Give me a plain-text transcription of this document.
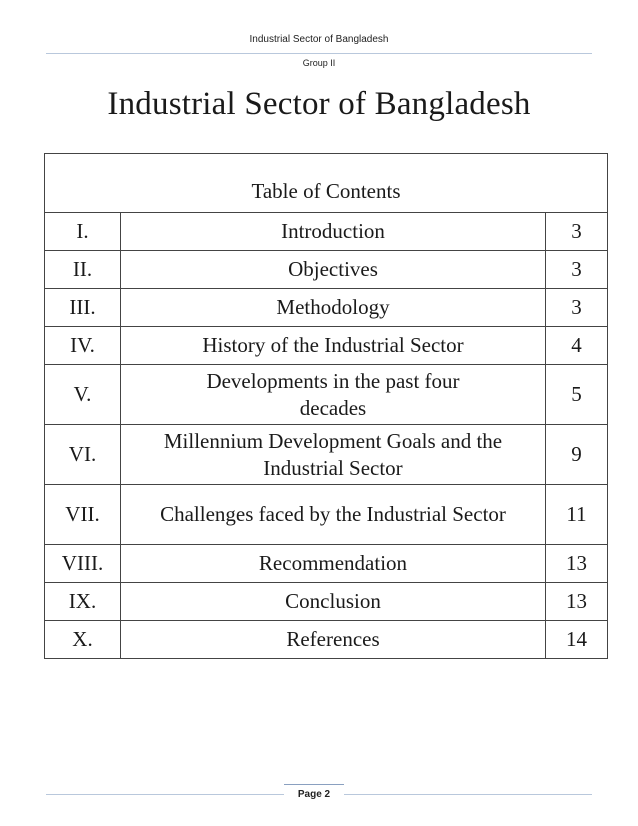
Industrial Sector of Bangladesh
Group II
Industrial Sector of Bangladesh
Table of Contents		
I.	Introduction	3
II.	Objectives	3
III.	Methodology	3
IV.	History of the Industrial Sector	4
V.	Developments in the past four decades	5
VI.	Millennium Development Goals and the Industrial Sector	9
VII.	Challenges faced by the Industrial Sector	11
VIII.	Recommendation	13
IX.	Conclusion	13
X.	References	14
Page 2
